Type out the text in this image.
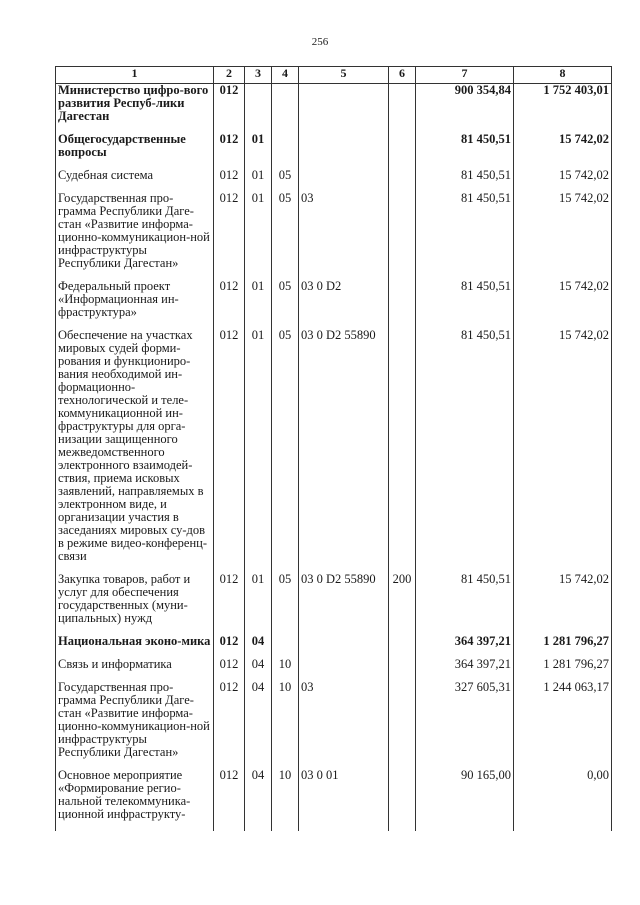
256
1	2	3	4	5	6	7	8
Министерство цифро-вого развития Респуб-лики Дагестан	012					900 354,84	1 752 403,01
Общегосударственные вопросы	012	01				81 450,51	15 742,02
Судебная система	012	01	05			81 450,51	15 742,02
Государственная про-грамма Республики Даге-стан «Развитие информа-ционно-коммуникацион-ной инфраструктуры Республики Дагестан»	012	01	05	03		81 450,51	15 742,02
Федеральный проект «Информационная ин-фраструктура»	012	01	05	03 0 D2		81 450,51	15 742,02
Обеспечение на участках мировых судей форми-рования и функциониро-вания необходимой ин-формационно-технологической и теле-коммуникационной ин-фраструктуры для орга-низации защищенного межведомственного электронного взаимодей-ствия, приема исковых заявлений, направляемых в электронном виде, и организации участия в заседаниях мировых су-дов в режиме видео-конференц-связи	012	01	05	03 0 D2 55890		81 450,51	15 742,02
Закупка товаров, работ и услуг для обеспечения государственных (муни-ципальных) нужд	012	01	05	03 0 D2 55890	200	81 450,51	15 742,02
Национальная эконо-мика	012	04				364 397,21	1 281 796,27
Связь и информатика	012	04	10			364 397,21	1 281 796,27
Государственная про-грамма Республики Даге-стан «Развитие информа-ционно-коммуникацион-ной инфраструктуры Республики Дагестан»	012	04	10	03		327 605,31	1 244 063,17
Основное мероприятие «Формирование регио-нальной телекоммуника-ционной инфраструкту-	012	04	10	03 0 01		90 165,00	0,00
